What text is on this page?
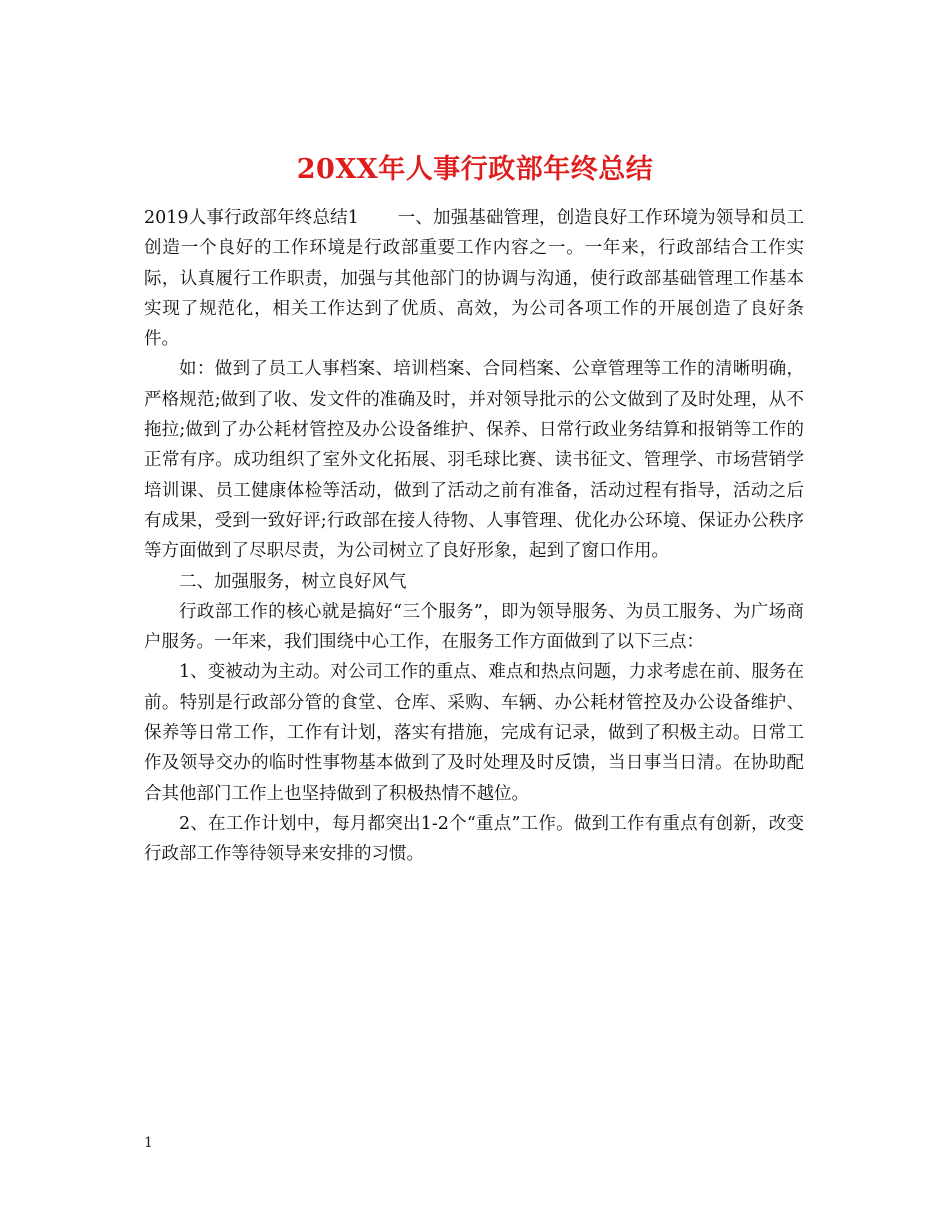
20XX年人事行政部年终总结

2019人事行政部年终总结1 一、加强基础管理，创造良好工作环境为领导和员工创造一个良好的工作环境是行政部重要工作内容之一。一年来，行政部结合工作实际，认真履行工作职责，加强与其他部门的协调与沟通，使行政部基础管理工作基本实现了规范化，相关工作达到了优质、高效，为公司各项工作的开展创造了良好条件。

如：做到了员工人事档案、培训档案、合同档案、公章管理等工作的清晰明确，严格规范;做到了收、发文件的准确及时，并对领导批示的公文做到了及时处理，从不拖拉;做到了办公耗材管控及办公设备维护、保养、日常行政业务结算和报销等工作的正常有序。成功组织了室外文化拓展、羽毛球比赛、读书征文、管理学、市场营销学培训课、员工健康体检等活动，做到了活动之前有准备，活动过程有指导，活动之后有成果，受到一致好评;行政部在接人待物、人事管理、优化办公环境、保证办公秩序等方面做到了尽职尽责，为公司树立了良好形象，起到了窗口作用。

二、加强服务，树立良好风气

行政部工作的核心就是搞好“三个服务”，即为领导服务、为员工服务、为广场商户服务。一年来，我们围绕中心工作，在服务工作方面做到了以下三点：

1、变被动为主动。对公司工作的重点、难点和热点问题，力求考虑在前、服务在前。特别是行政部分管的食堂、仓库、采购、车辆、办公耗材管控及办公设备维护、保养等日常工作，工作有计划，落实有措施，完成有记录，做到了积极主动。日常工作及领导交办的临时性事物基本做到了及时处理及时反馈，当日事当日清。在协助配合其他部门工作上也坚持做到了积极热情不越位。

2、在工作计划中，每月都突出1-2个“重点”工作。做到工作有重点有创新，改变行政部工作等待领导来安排的习惯。

1
